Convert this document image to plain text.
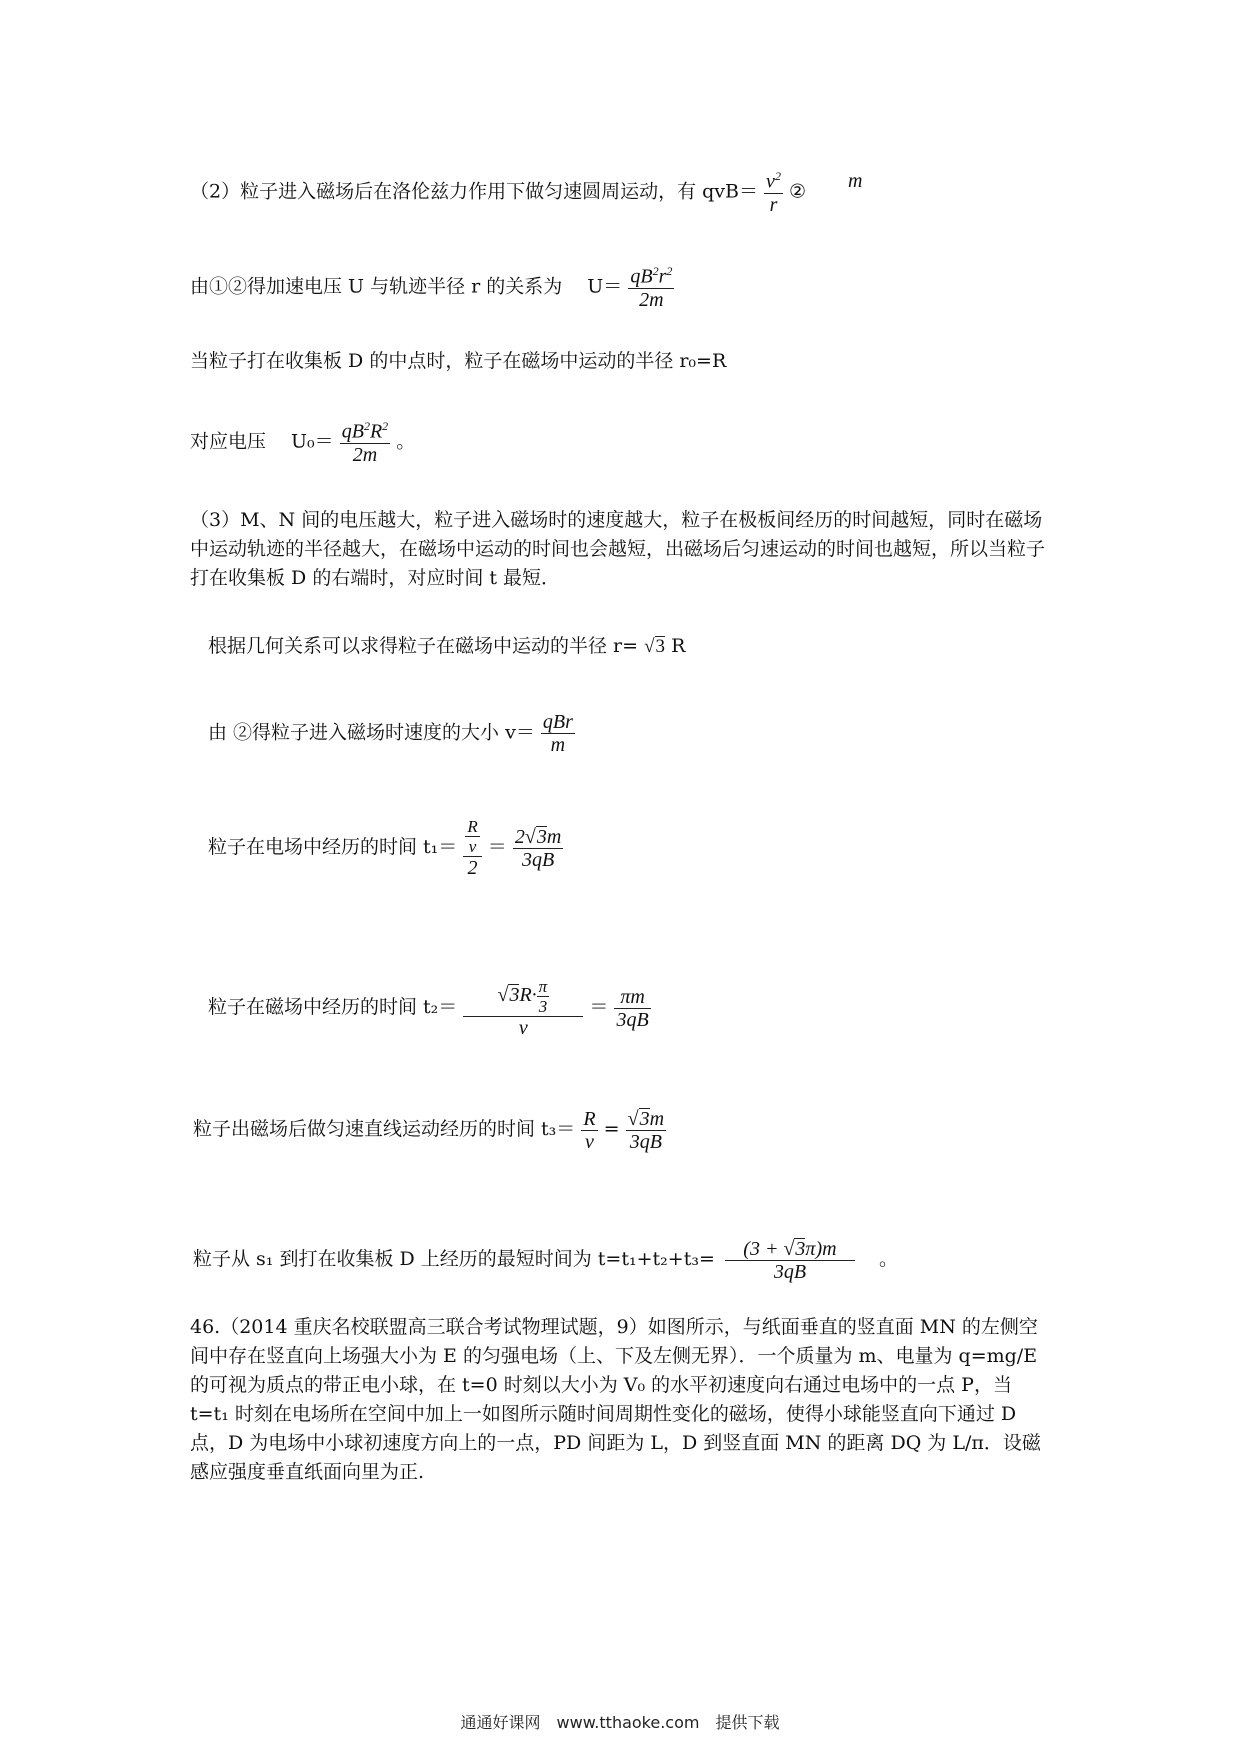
（2）粒子进入磁场后在洛伦兹力作用下做匀速圆周运动，有 $qvB= \frac{v^2}{r}$ ② m
由①②得加速电压 U 与轨迹半径 r 的关系为　 $U= \frac{qB^2r^2}{2m}$
当粒子打在收集板 D 的中点时，粒子在磁场中运动的半径 r₀=R
对应电压　 $U_0= \frac{qB^2R^2}{2m}$ 。
（3）M、N 间的电压越大，粒子进入磁场时的速度越大，粒子在极板间经历的时间越短，同时在磁场中运动轨迹的半径越大，在磁场中运动的时间也会越短，出磁场后匀速运动的时间也越短，所以当粒子打在收集板 D 的右端时，对应时间 t 最短．
根据几何关系可以求得粒子在磁场中运动的半径 r= √3 R
由 ②得粒子进入磁场时速度的大小 $v= \frac{\text{qBr}}{m}$
粒子在电场中经历的时间 $t_1= \frac{\frac{R}{v}}{2} = \frac{2√3m}{3qB}$
粒子在磁场中经历的时间 $t_2= \frac{√3R\cdot \frac{\pi}{3}}{v} = \frac{\pi m}{3qB}$
粒子出磁场后做匀速直线运动经历的时间 $t_3= \frac{R}{v} = \frac{√3m}{3qB}$
粒子从 s₁ 到打在收集板 D 上经历的最短时间为 $t=t_1+t_2+t_3= \frac{(3 + √3\pi)m}{3qB}$ 。
46.（2014 重庆名校联盟高三联合考试物理试题，9）如图所示，与纸面垂直的竖直面 MN 的左侧空间中存在竖直向上场强大小为 E 的匀强电场（上、下及左侧无界）．一个质量为 m、电量为 q=mg/E 的可视为质点的带正电小球，在 t=0 时刻以大小为 V₀ 的水平初速度向右通过电场中的一点 P，当 t=t₁ 时刻在电场所在空间中加上一如图所示随时间周期性变化的磁场，使得小球能竖直向下通过 D 点，D 为电场中小球初速度方向上的一点，PD 间距为 L，D 到竖直面 MN 的距离 DQ 为 L/π．设磁感应强度垂直纸面向里为正.
通通好课网　www.tthaoke.com　提供下载
